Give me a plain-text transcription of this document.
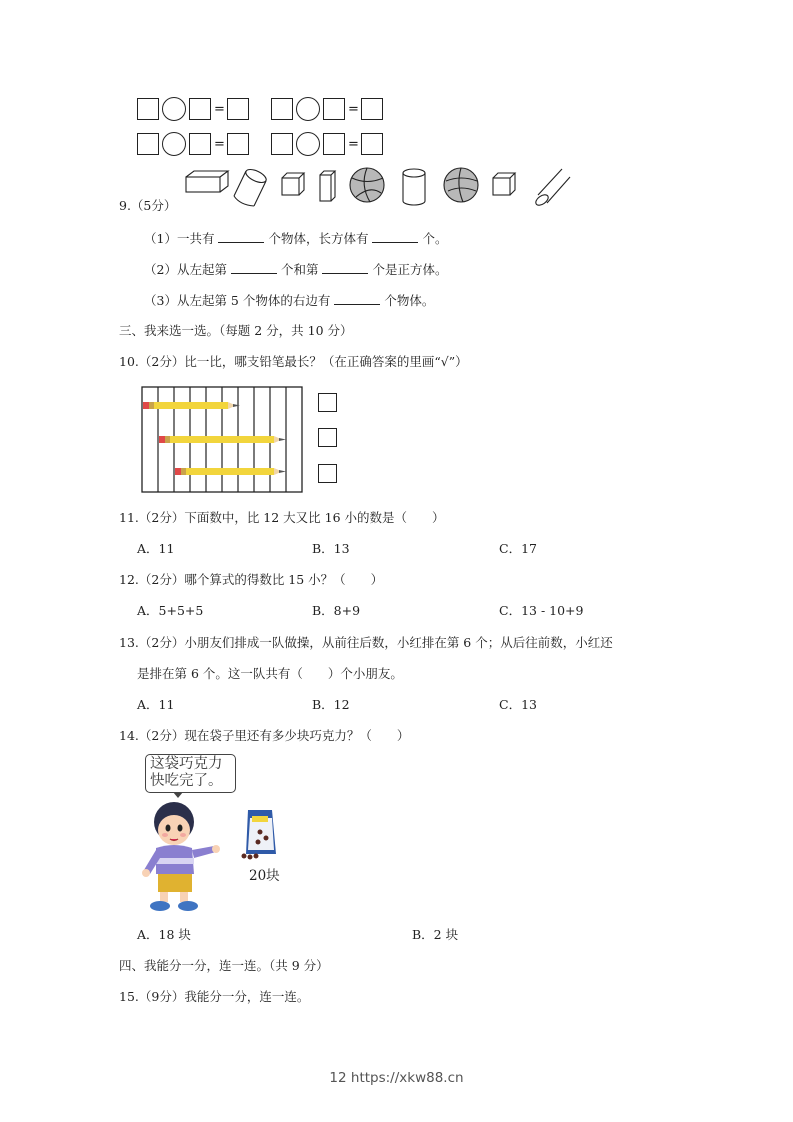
=	=
=	=
9.（5分）
（1）一共有	个物体，长方体有	个。
（2）从左起第	个和第	个是正方体。
（3）从左起第 5 个物体的右边有	个物体。
三、我来选一选。（每题 2 分，共 10 分）
10.（2分）比一比，哪支铅笔最长？（在正确答案的里画“√”）
11.（2分）下面数中，比 12 大又比 16 小的数是（　　）
A．11	B．13	C．17
12.（2分）哪个算式的得数比 15 小？（　　）
A．5+5+5	B．8+9	C．13 - 10+9
13.（2分）小朋友们排成一队做操，从前往后数，小红排在第 6 个；从后往前数，小红还
是排在第 6 个。这一队共有（　　）个小朋友。
A．11	B．12	C．13
14.（2分）现在袋子里还有多少块巧克力？（　　）
这袋巧克力
快吃完了。
20块
A．18 块	B．2 块
四、我能分一分，连一连。（共 9 分）
15.（9分）我能分一分，连一连。
12 https://xkw88.cn
